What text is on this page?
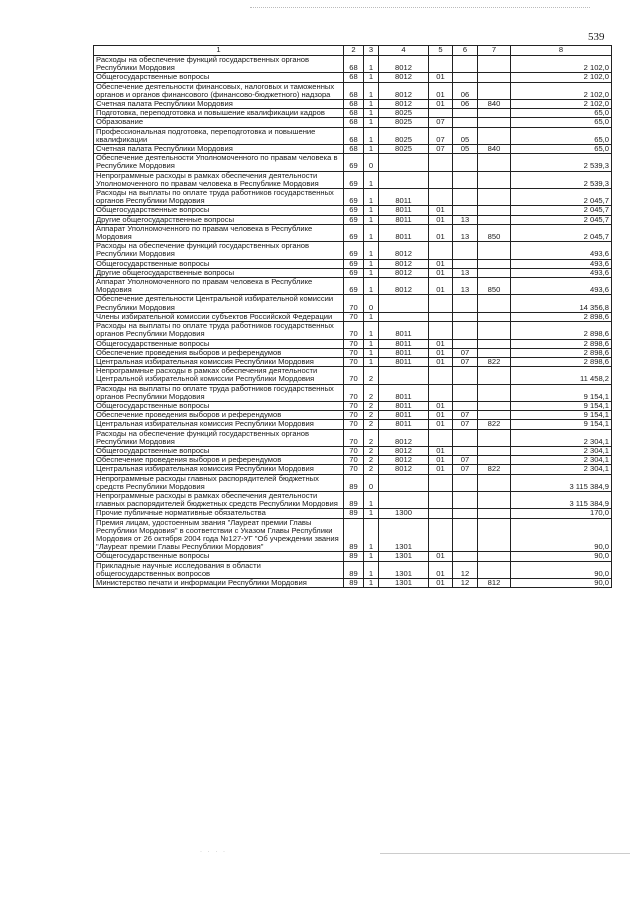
539
1	2	3	4	5	6	7	8
Расходы на обеспечение функций государственных органов Республики Мордовия	68	1	8012				2 102,0
Общегосударственные вопросы	68	1	8012	01			2 102,0
Обеспечение деятельности финансовых, налоговых и таможенных органов и органов финансового (финансово-бюджетного) надзора	68	1	8012	01	06		2 102,0
Счетная палата Республики Мордовия	68	1	8012	01	06	840	2 102,0
Подготовка, переподготовка и повышение квалификации кадров	68	1	8025				65,0
Образование	68	1	8025	07			65,0
Профессиональная подготовка, переподготовка и повышение квалификации	68	1	8025	07	05		65,0
Счетная палата Республики Мордовия	68	1	8025	07	05	840	65,0
Обеспечение деятельности Уполномоченного по правам человека в Республике Мордовия	69	0					2 539,3
Непрограммные расходы в рамках обеспечения деятельности Уполномоченного по правам человека в Республике Мордовия	69	1					2 539,3
Расходы на выплаты по оплате труда работников государственных органов Республики Мордовия	69	1	8011				2 045,7
Общегосударственные вопросы	69	1	8011	01			2 045,7
Другие общегосударственные вопросы	69	1	8011	01	13		2 045,7
Аппарат Уполномоченного по правам человека в Республике Мордовия	69	1	8011	01	13	850	2 045,7
Расходы на обеспечение функций государственных органов Республики Мордовия	69	1	8012				493,6
Общегосударственные вопросы	69	1	8012	01			493,6
Другие общегосударственные вопросы	69	1	8012	01	13		493,6
Аппарат Уполномоченного по правам человека в Республике Мордовия	69	1	8012	01	13	850	493,6
Обеспечение деятельности Центральной избирательной комиссии Республики Мордовия	70	0					14 356,8
Члены избирательной комиссии субъектов Российской Федерации	70	1					2 898,6
Расходы на выплаты по оплате труда работников государственных органов Республики Мордовия	70	1	8011				2 898,6
Общегосударственные вопросы	70	1	8011	01			2 898,6
Обеспечение проведения выборов и референдумов	70	1	8011	01	07		2 898,6
Центральная избирательная комиссия Республики Мордовия	70	1	8011	01	07	822	2 898,6
Непрограммные расходы в рамках обеспечения деятельности Центральной избирательной комиссии Республики Мордовия	70	2					11 458,2
Расходы на выплаты по оплате труда работников государственных органов Республики Мордовия	70	2	8011				9 154,1
Общегосударственные вопросы	70	2	8011	01			9 154,1
Обеспечение проведения выборов и референдумов	70	2	8011	01	07		9 154,1
Центральная избирательная комиссия Республики Мордовия	70	2	8011	01	07	822	9 154,1
Расходы на обеспечение функций государственных органов Республики Мордовия	70	2	8012				2 304,1
Общегосударственные вопросы	70	2	8012	01			2 304,1
Обеспечение проведения выборов и референдумов	70	2	8012	01	07		2 304,1
Центральная избирательная комиссия Республики Мордовия	70	2	8012	01	07	822	2 304,1
Непрограммные расходы главных распорядителей бюджетных средств Республики Мордовия	89	0					3 115 384,9
Непрограммные расходы в рамках обеспечения деятельности главных распорядителей бюджетных средств Республики Мордовия	89	1					3 115 384,9
Прочие публичные нормативные обязательства	89	1	1300				170,0
Премия лицам, удостоенным звания "Лауреат премии Главы Республики Мордовия" в соответствии с Указом Главы Республики Мордовия от 26 октября 2004 года №127-УГ "Об учреждении звания "Лауреат премии Главы Республики Мордовия"	89	1	1301				90,0
Общегосударственные вопросы	89	1	1301	01			90,0
Прикладные научные исследования в области общегосударственных вопросов	89	1	1301	01	12		90,0
Министерство печати и информации Республики Мордовия	89	1	1301	01	12	812	90,0
· · · ·
